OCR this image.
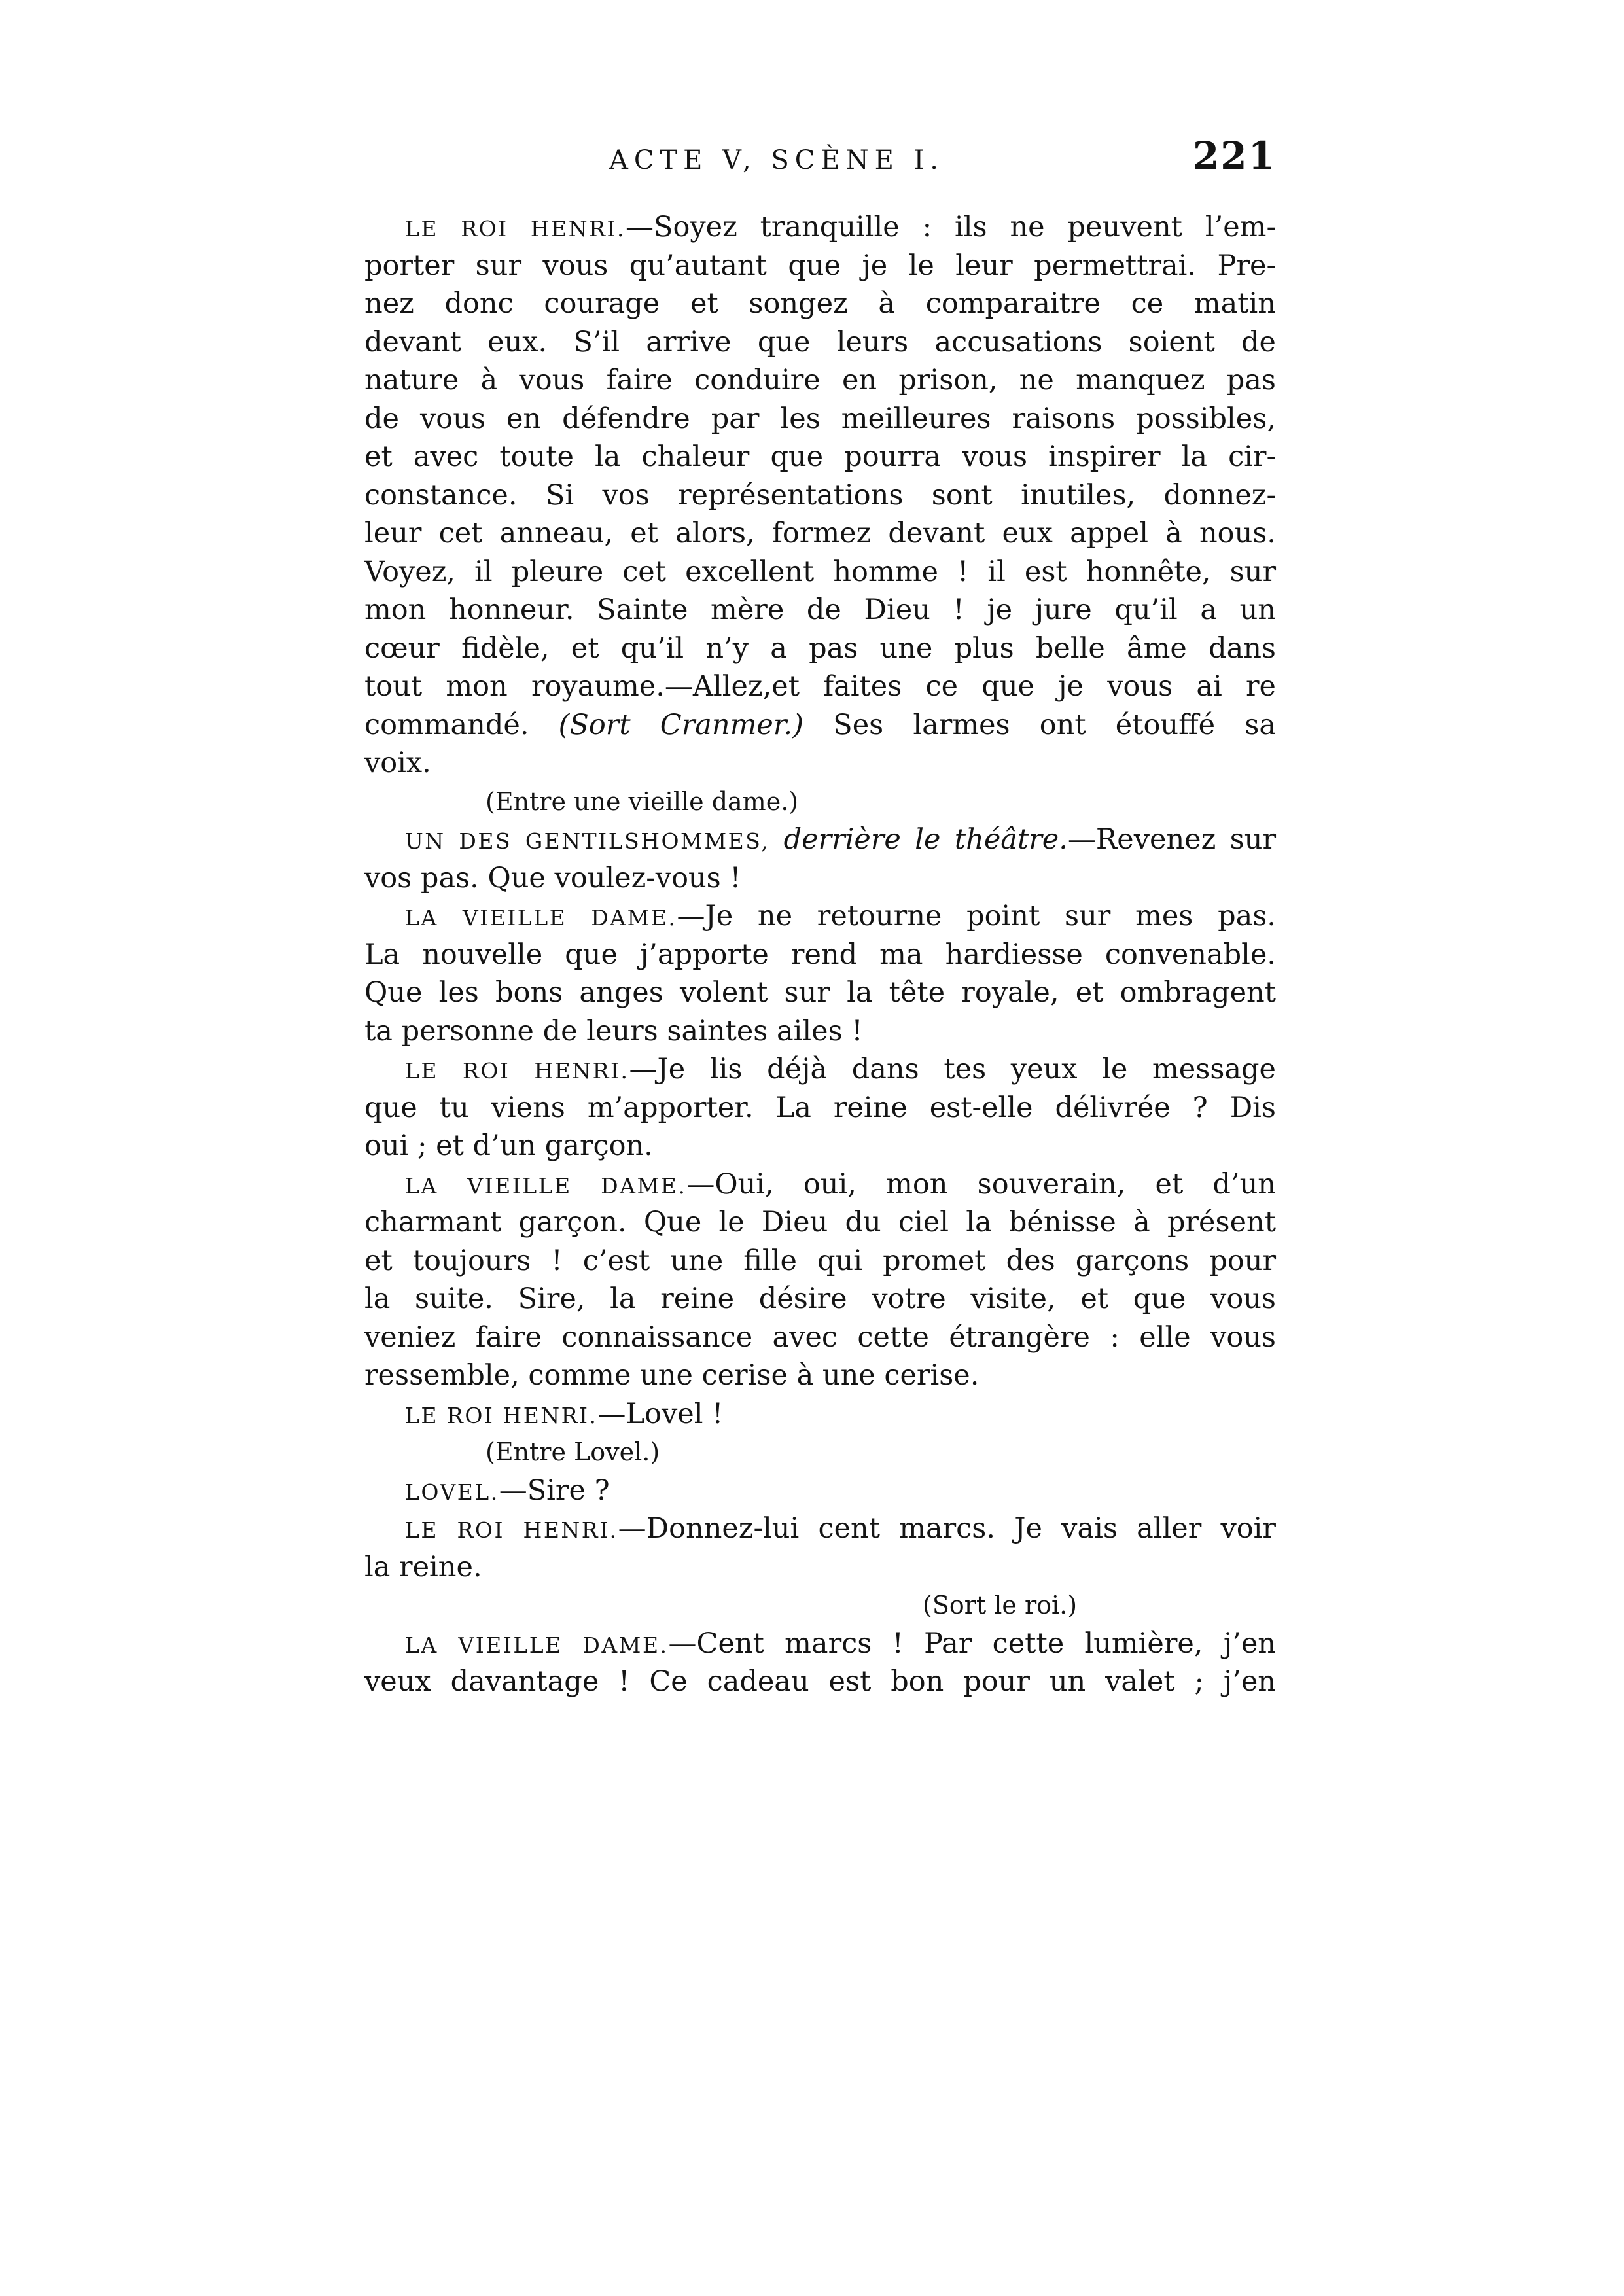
ACTE V, SCÈNE I.	221
LE ROI HENRI.—Soyez tranquille : ils ne peuvent l’em-
porter sur vous qu’autant que je le leur permettrai. Pre-
nez donc courage et songez à comparaitre ce matin
devant eux. S’il arrive que leurs accusations soient de
nature à vous faire conduire en prison, ne manquez pas
de vous en défendre par les meilleures raisons possibles,
et avec toute la chaleur que pourra vous inspirer la cir-
constance. Si vos représentations sont inutiles, donnez-
leur cet anneau, et alors, formez devant eux appel à nous.
Voyez, il pleure cet excellent homme ! il est honnête, sur
mon honneur. Sainte mère de Dieu ! je jure qu’il a un
cœur fidèle, et qu’il n’y a pas une plus belle âme dans
tout mon royaume.—Allez,et faites ce que je vous ai re
commandé. (Sort Cranmer.) Ses larmes ont étouffé sa
voix.
(Entre une vieille dame.)
UN DES GENTILSHOMMES, derrière le théâtre.—Revenez sur
vos pas. Que voulez-vous !
LA VIEILLE DAME.—Je ne retourne point sur mes pas.
La nouvelle que j’apporte rend ma hardiesse convenable.
Que les bons anges volent sur la tête royale, et ombragent
ta personne de leurs saintes ailes !
LE ROI HENRI.—Je lis déjà dans tes yeux le message
que tu viens m’apporter. La reine est-elle délivrée ? Dis
oui ; et d’un garçon.
LA VIEILLE DAME.—Oui, oui, mon souverain, et d’un
charmant garçon. Que le Dieu du ciel la bénisse à présent
et toujours ! c’est une fille qui promet des garçons pour
la suite. Sire, la reine désire votre visite, et que vous
veniez faire connaissance avec cette étrangère : elle vous
ressemble, comme une cerise à une cerise.
LE ROI HENRI.—Lovel !
(Entre Lovel.)
LOVEL.—Sire ?
LE ROI HENRI.—Donnez-lui cent marcs. Je vais aller voir
la reine.
(Sort le roi.)
LA VIEILLE DAME.—Cent marcs ! Par cette lumière, j’en
veux davantage ! Ce cadeau est bon pour un valet ; j’en
